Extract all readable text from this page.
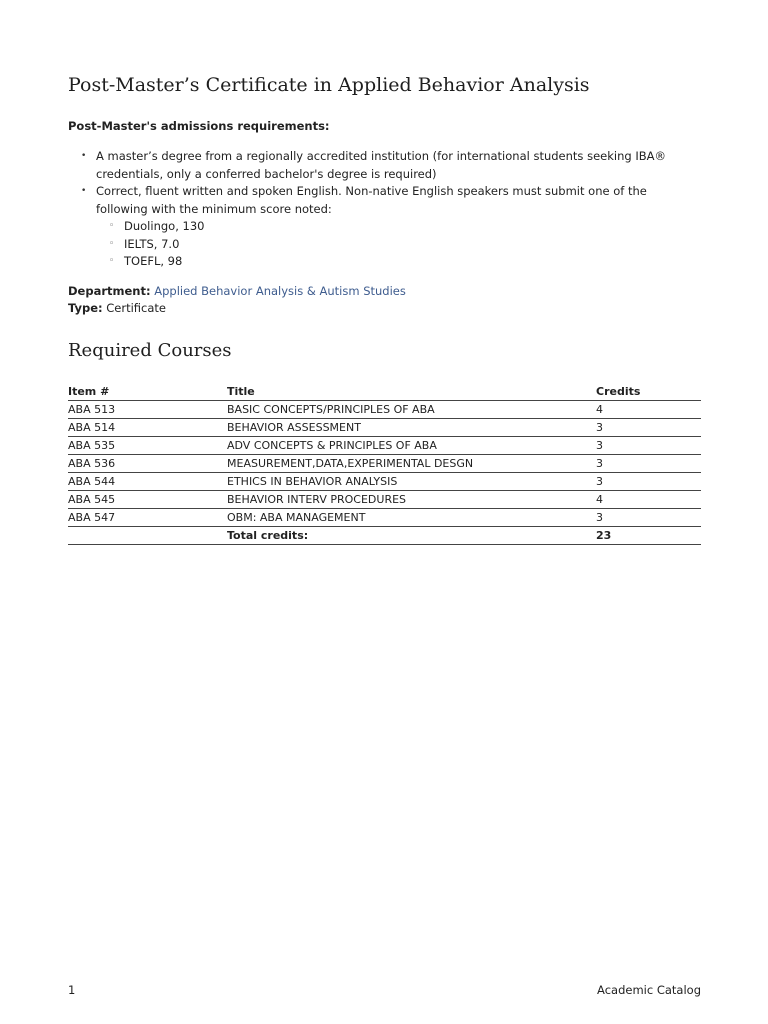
Post-Master’s Certificate in Applied Behavior Analysis

Post-Master's admissions requirements:

• A master’s degree from a regionally accredited institution (for international students seeking IBA® credentials, only a conferred bachelor's degree is required)
• Correct, fluent written and spoken English. Non-native English speakers must submit one of the following with the minimum score noted:
◦ Duolingo, 130
◦ IELTS, 7.0
◦ TOEFL, 98
Department: Applied Behavior Analysis & Autism Studies
Type: Certificate
Required Courses
Item #	Title	Credits
ABA 513	BASIC CONCEPTS/PRINCIPLES OF ABA	4
ABA 514	BEHAVIOR ASSESSMENT	3
ABA 535	ADV CONCEPTS & PRINCIPLES OF ABA	3
ABA 536	MEASUREMENT,DATA,EXPERIMENTAL DESGN	3
ABA 544	ETHICS IN BEHAVIOR ANALYSIS	3
ABA 545	BEHAVIOR INTERV PROCEDURES	4
ABA 547	OBM: ABA MANAGEMENT	3
	Total credits:	23
1	Academic Catalog
